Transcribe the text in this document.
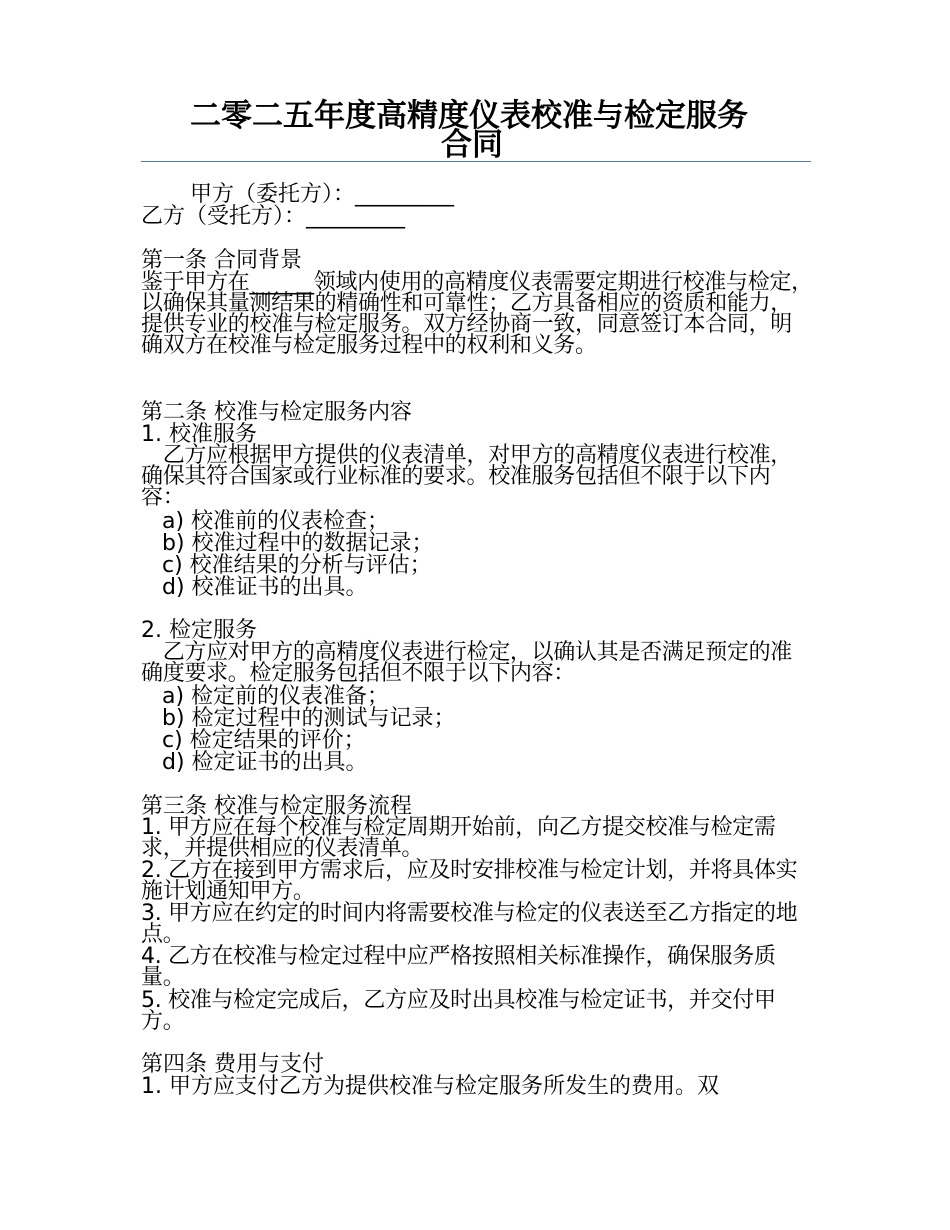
二零二五年度高精度仪表校准与检定服务
合同

甲方（委托方）：_________

乙方（受托方）：_________

第一条 合同背景

鉴于甲方在______领域内使用的高精度仪表需要定期进行校准与检定，以确保其量测结果的精确性和可靠性；乙方具备相应的资质和能力，提供专业的校准与检定服务。双方经协商一致，同意签订本合同，明确双方在校准与检定服务过程中的权利和义务。

第二条 校准与检定服务内容

1. 校准服务

　乙方应根据甲方提供的仪表清单，对甲方的高精度仪表进行校准，确保其符合国家或行业标准的要求。校准服务包括但不限于以下内容：

a) 校准前的仪表检查；

b) 校准过程中的数据记录；

c) 校准结果的分析与评估；

d) 校准证书的出具。

2. 检定服务

　乙方应对甲方的高精度仪表进行检定，以确认其是否满足预定的准确度要求。检定服务包括但不限于以下内容：

a) 检定前的仪表准备；

b) 检定过程中的测试与记录；

c) 检定结果的评价；

d) 检定证书的出具。

第三条 校准与检定服务流程

1. 甲方应在每个校准与检定周期开始前，向乙方提交校准与检定需求，并提供相应的仪表清单。

2. 乙方在接到甲方需求后，应及时安排校准与检定计划，并将具体实施计划通知甲方。

3. 甲方应在约定的时间内将需要校准与检定的仪表送至乙方指定的地点。

4. 乙方在校准与检定过程中应严格按照相关标准操作，确保服务质量。

5. 校准与检定完成后，乙方应及时出具校准与检定证书，并交付甲方。

第四条 费用与支付

1. 甲方应支付乙方为提供校准与检定服务所发生的费用。双
